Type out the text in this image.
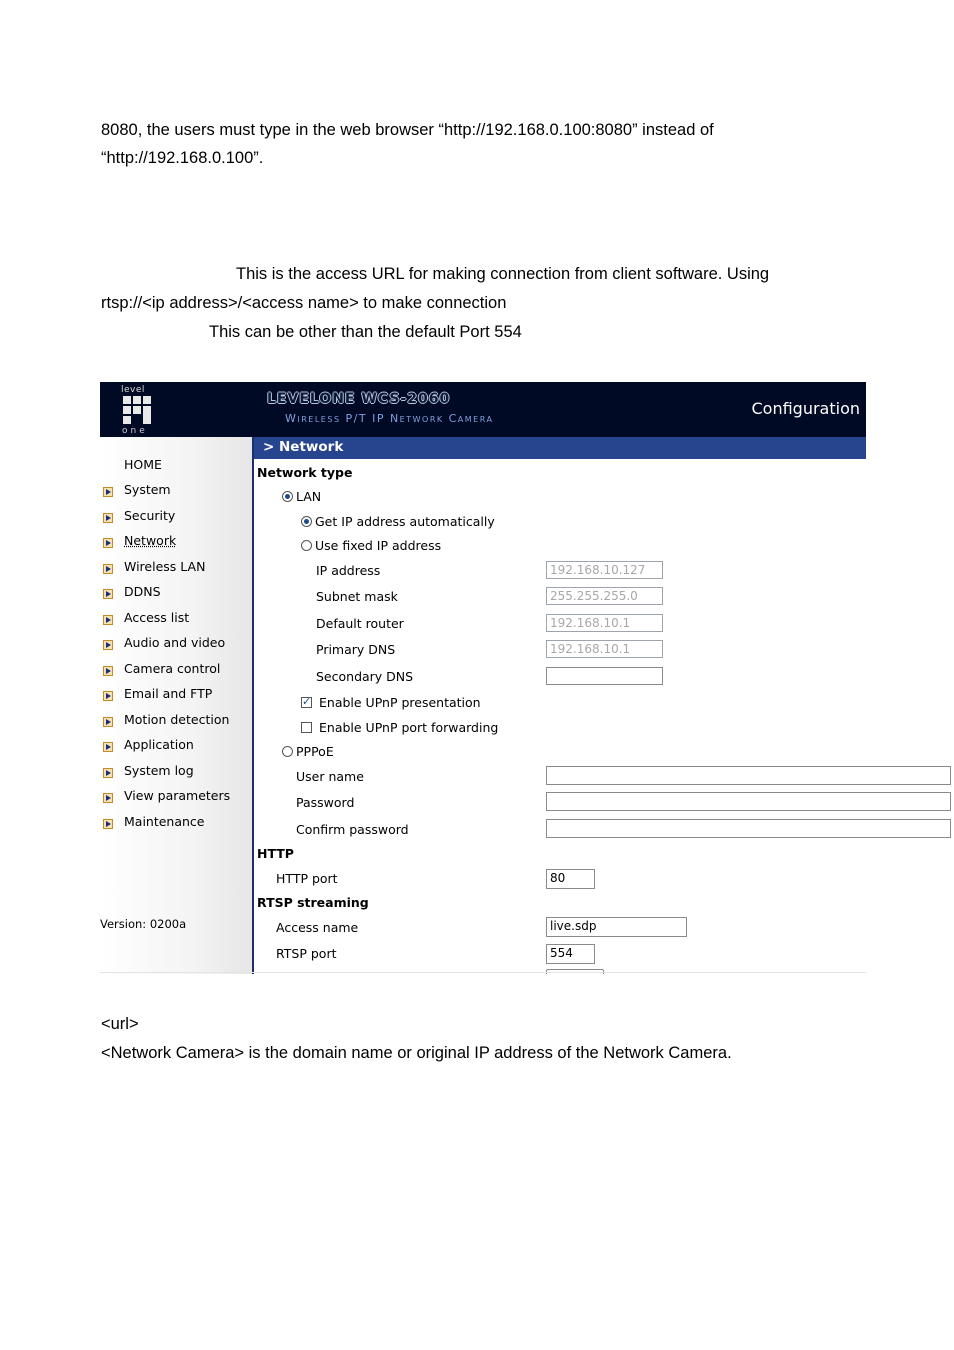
8080, the users must type in the web browser “http://192.168.0.100:8080” instead of
“http://192.168.0.100”.
This is the access URL for making connection from client software. Using
rtsp://<ip address>/<access name> to make connection
This can be other than the default Port 554
<url>
<Network Camera> is the domain name or original IP address of the Network Camera.
level
one
LEVELONE WCS-2060
Wireless P/T IP Network Camera
Configuration
HOME
System
Security
Network
Wireless LAN
DDNS
Access list
Audio and video
Camera control
Email and FTP
Motion detection
Application
System log
View parameters
Maintenance
Version: 0200a
> Network
Network type
LAN
Get IP address automatically
Use fixed IP address
IP address	192.168.10.127
Subnet mask	255.255.255.0
Default router	192.168.10.1
Primary DNS	192.168.10.1
Secondary DNS
✓Enable UPnP presentation
Enable UPnP port forwarding
PPPoE
User name
Password
Confirm password
HTTP
HTTP port	80
RTSP streaming
Access name	live.sdp
RTSP port	554
